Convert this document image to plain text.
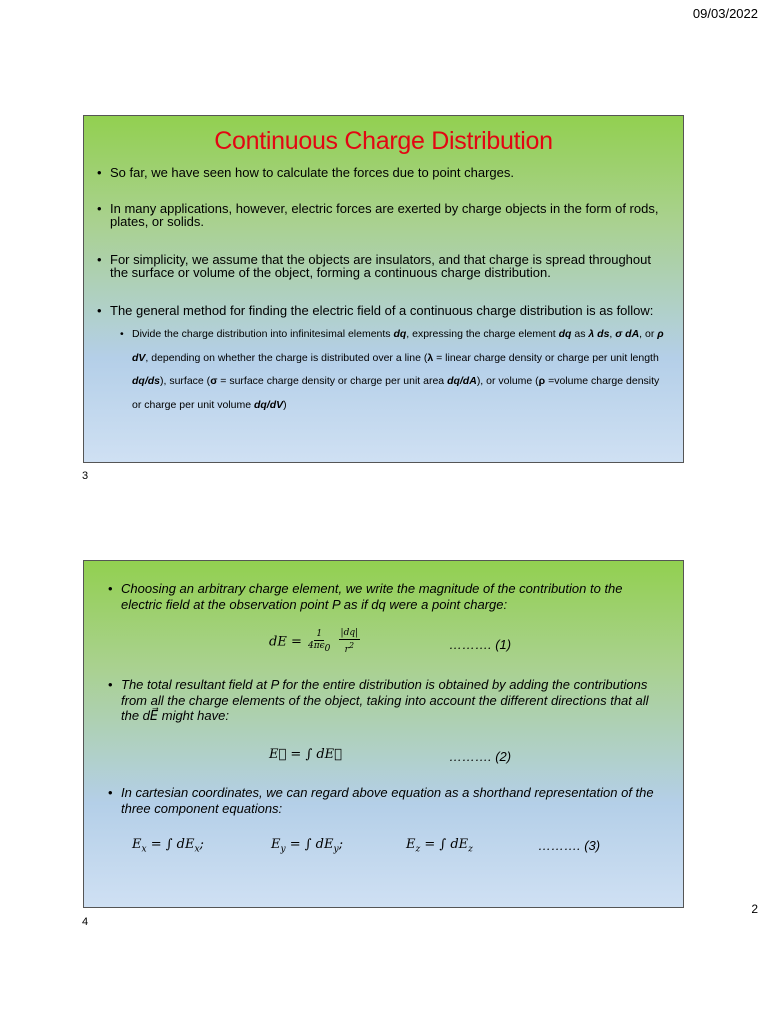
09/03/2022
Continuous Charge Distribution
• So far, we have seen how to calculate the forces due to point charges.
• In many applications, however, electric forces are exerted by charge objects in the form of rods, plates, or solids.
• For simplicity, we assume that the objects are insulators, and that charge is spread throughout the surface or volume of the object, forming a continuous charge distribution.
• The general method for finding the electric field of a continuous charge distribution is as follow:
• Divide the charge distribution into infinitesimal elements dq, expressing the charge element dq as λ ds, σ dA, or ρ dV, depending on whether the charge is distributed over a line (λ = linear charge density or charge per unit length dq/ds), surface (σ = surface charge density or charge per unit area dq/dA), or volume (ρ =volume charge density or charge per unit volume dq/dV)
3
• Choosing an arbitrary charge element, we write the magnitude of the contribution to the electric field at the observation point P as if dq were a point charge:
dE = $\frac{1}{4\pi\epsilon_0}$
$\frac{|dq|}{r^2}$	………. (1)
• The total resultant field at P for the entire distribution is obtained by adding the contributions from all the charge elements of the object, taking into account the different directions that all the dE⃗ might have:
E⃗ = ∫ dE⃗	………. (2)
• In cartesian coordinates, we can regard above equation as a shorthand representation of the three component equations:
$E_x$ = ∫ $dE_x$;	$E_y$ = ∫ $dE_y$;	$E_z$ = ∫ $dE_z$	………. (3)
4
2
